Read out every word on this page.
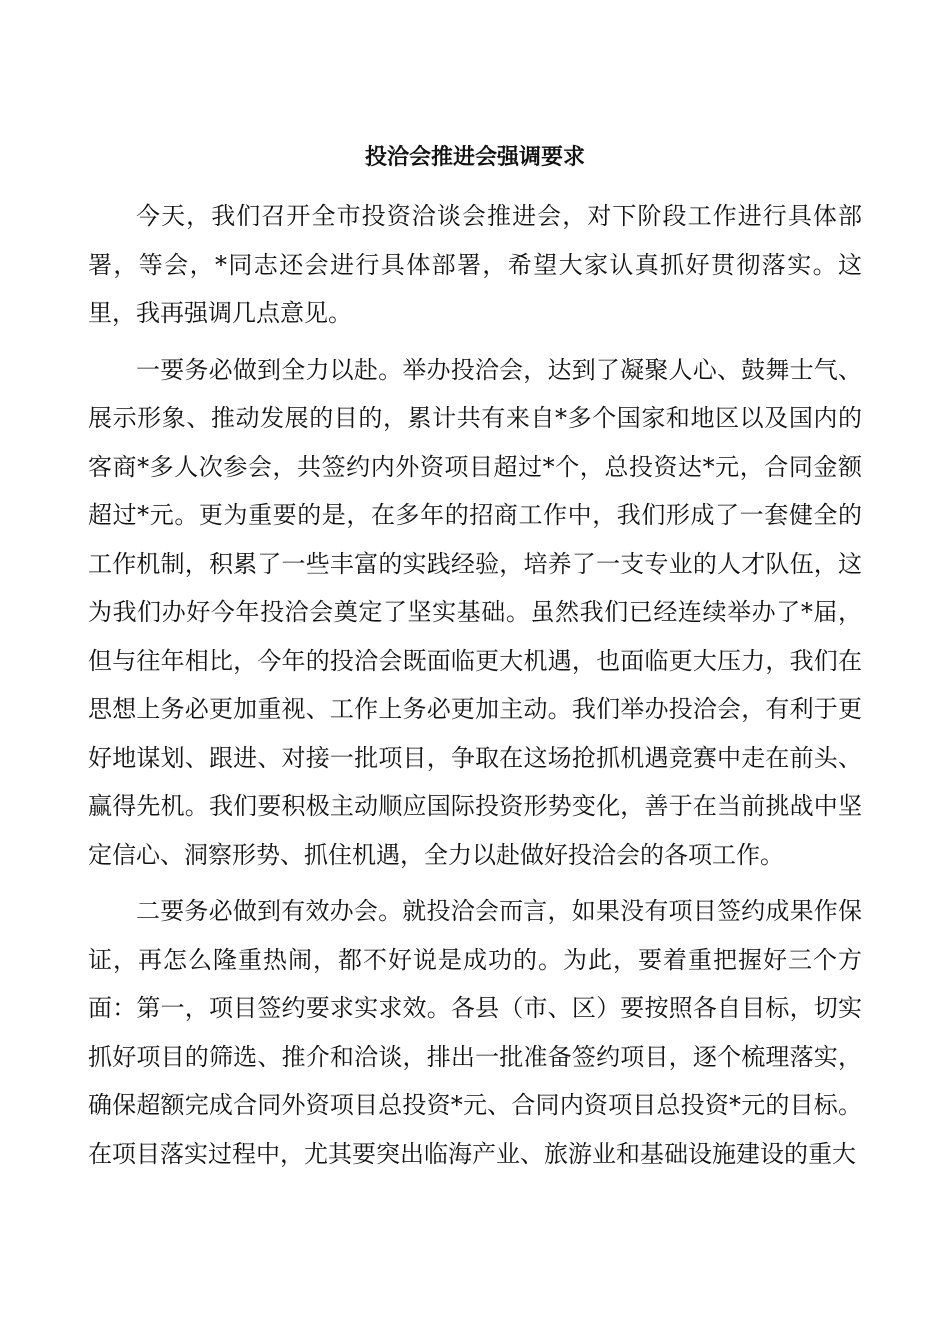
投洽会推进会强调要求

今天，我们召开全市投资洽谈会推进会，对下阶段工作进行具体部署，等会，*同志还会进行具体部署，希望大家认真抓好贯彻落实。这里，我再强调几点意见。

一要务必做到全力以赴。举办投洽会，达到了凝聚人心、鼓舞士气、展示形象、推动发展的目的，累计共有来自*多个国家和地区以及国内的客商*多人次参会，共签约内外资项目超过*个，总投资达*元，合同金额超过*元。更为重要的是，在多年的招商工作中，我们形成了一套健全的工作机制，积累了一些丰富的实践经验，培养了一支专业的人才队伍，这为我们办好今年投洽会奠定了坚实基础。虽然我们已经连续举办了*届，但与往年相比，今年的投洽会既面临更大机遇，也面临更大压力，我们在思想上务必更加重视、工作上务必更加主动。我们举办投洽会，有利于更好地谋划、跟进、对接一批项目，争取在这场抢抓机遇竞赛中走在前头、赢得先机。我们要积极主动顺应国际投资形势变化，善于在当前挑战中坚定信心、洞察形势、抓住机遇，全力以赴做好投洽会的各项工作。

二要务必做到有效办会。就投洽会而言，如果没有项目签约成果作保证，再怎么隆重热闹，都不好说是成功的。为此，要着重把握好三个方面：第一，项目签约要求实求效。各县（市、区）要按照各自目标，切实抓好项目的筛选、推介和洽谈，排出一批准备签约项目，逐个梳理落实，确保超额完成合同外资项目总投资*元、合同内资项目总投资*元的目标。在项目落实过程中，尤其要突出临海产业、旅游业和基础设施建设的重大
